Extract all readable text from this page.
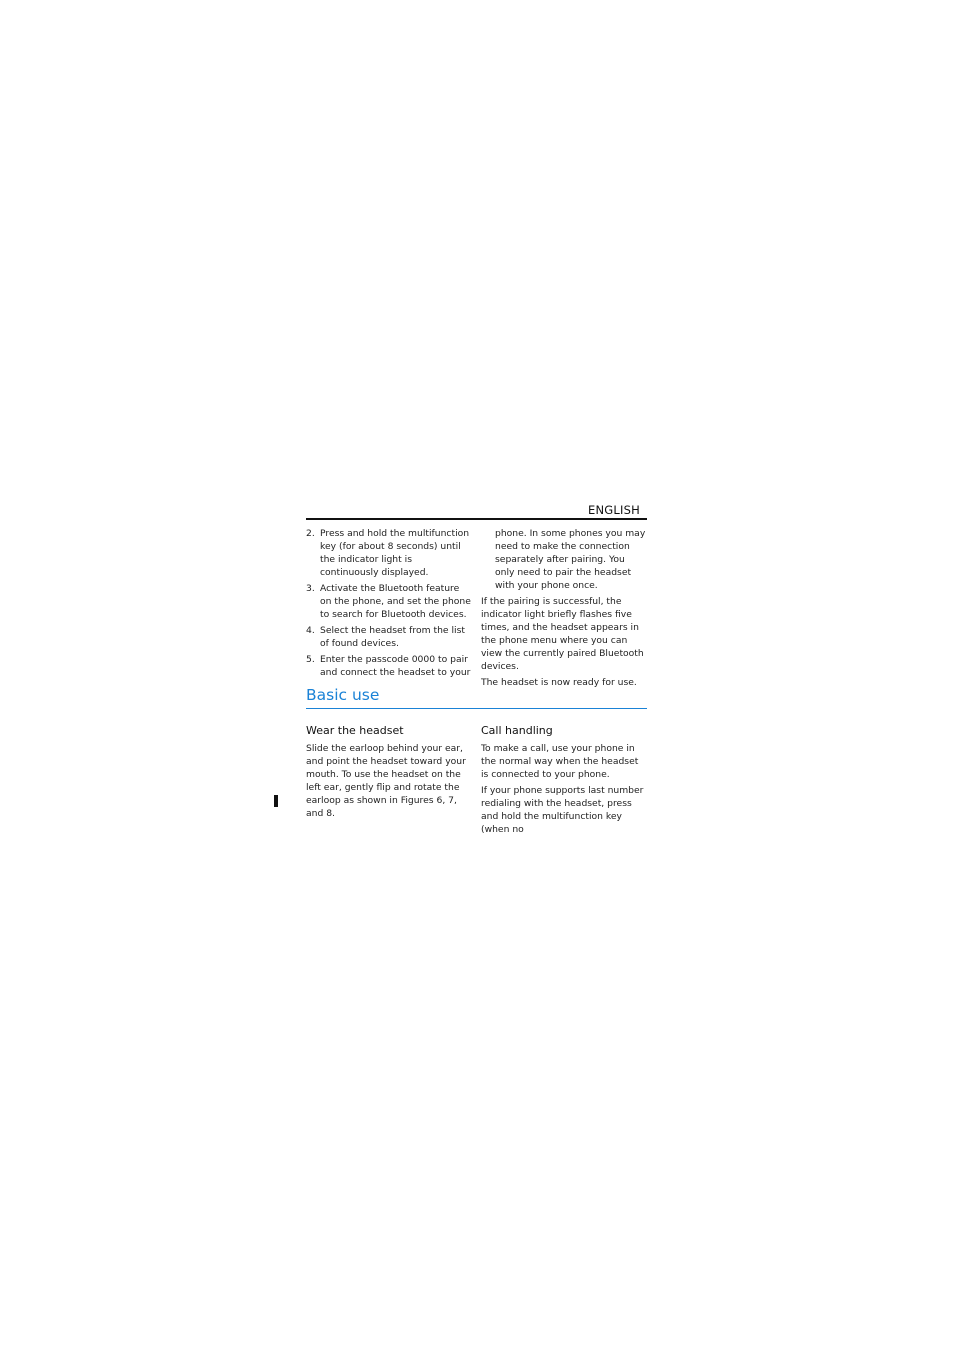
ENGLISH
2. Press and hold the multifunction key (for about 8 seconds) until the indicator light is continuously displayed.
3. Activate the Bluetooth feature on the phone, and set the phone to search for Bluetooth devices.
4. Select the headset from the list of found devices.
5. Enter the passcode 0000 to pair and connect the headset to your
phone. In some phones you may need to make the connection separately after pairing. You only need to pair the headset with your phone once.

If the pairing is successful, the indicator light briefly flashes five times, and the headset appears in the phone menu where you can view the currently paired Bluetooth devices.

The headset is now ready for use.

Basic use
Wear the headset

Slide the earloop behind your ear, and point the headset toward your mouth. To use the headset on the left ear, gently flip and rotate the earloop as shown in Figures 6, 7, and 8.

Call handling

To make a call, use your phone in the normal way when the headset is connected to your phone.

If your phone supports last number redialing with the headset, press and hold the multifunction key (when no
